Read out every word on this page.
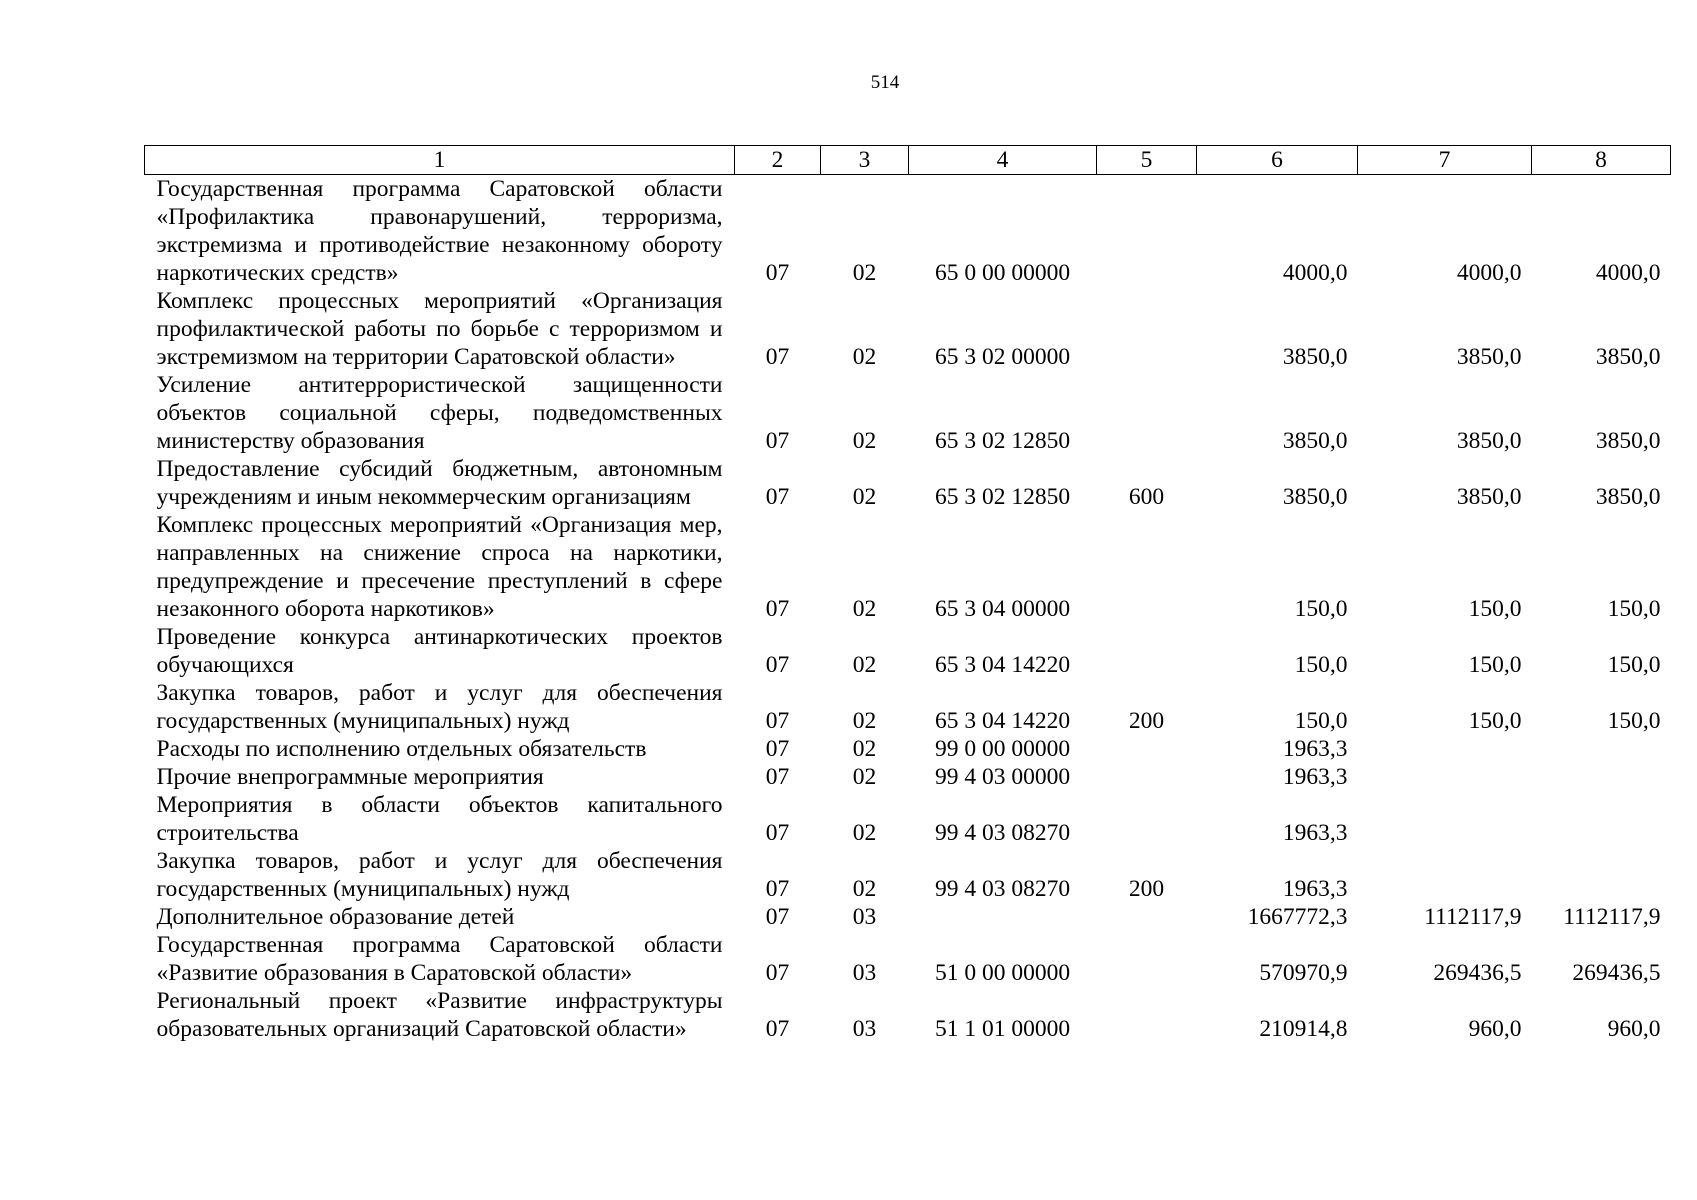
514
1	2	3	4	5	6	7	8
Государственная программа Саратовской области «Профилактика правонарушений, терроризма, экстремизма и противодействие незаконному обороту наркотических средств»	07	02	65 0 00 00000		4000,0	4000,0	4000,0
Комплекс процессных мероприятий «Организация профилактической работы по борьбе с терроризмом и экстремизмом на территории Саратовской области»	07	02	65 3 02 00000		3850,0	3850,0	3850,0
Усиление антитеррористической защищенности объектов социальной сферы, подведомственных министерству образования	07	02	65 3 02 12850		3850,0	3850,0	3850,0
Предоставление субсидий бюджетным, автономным учреждениям и иным некоммерческим организациям	07	02	65 3 02 12850	600	3850,0	3850,0	3850,0
Комплекс процессных мероприятий «Организация мер, направленных на снижение спроса на наркотики, предупреждение и пресечение преступлений в сфере незаконного оборота наркотиков»	07	02	65 3 04 00000		150,0	150,0	150,0
Проведение конкурса антинаркотических проектов обучающихся	07	02	65 3 04 14220		150,0	150,0	150,0
Закупка товаров, работ и услуг для обеспечения государственных (муниципальных) нужд	07	02	65 3 04 14220	200	150,0	150,0	150,0
Расходы по исполнению отдельных обязательств	07	02	99 0 00 00000		1963,3		
Прочие внепрограммные мероприятия	07	02	99 4 03 00000		1963,3		
Мероприятия в области объектов капитального строительства	07	02	99 4 03 08270		1963,3		
Закупка товаров, работ и услуг для обеспечения государственных (муниципальных) нужд	07	02	99 4 03 08270	200	1963,3		
Дополнительное образование детей	07	03			1667772,3	1112117,9	1112117,9
Государственная программа Саратовской области «Развитие образования в Саратовской области»	07	03	51 0 00 00000		570970,9	269436,5	269436,5
Региональный проект «Развитие инфраструктуры образовательных организаций Саратовской области»	07	03	51 1 01 00000		210914,8	960,0	960,0
